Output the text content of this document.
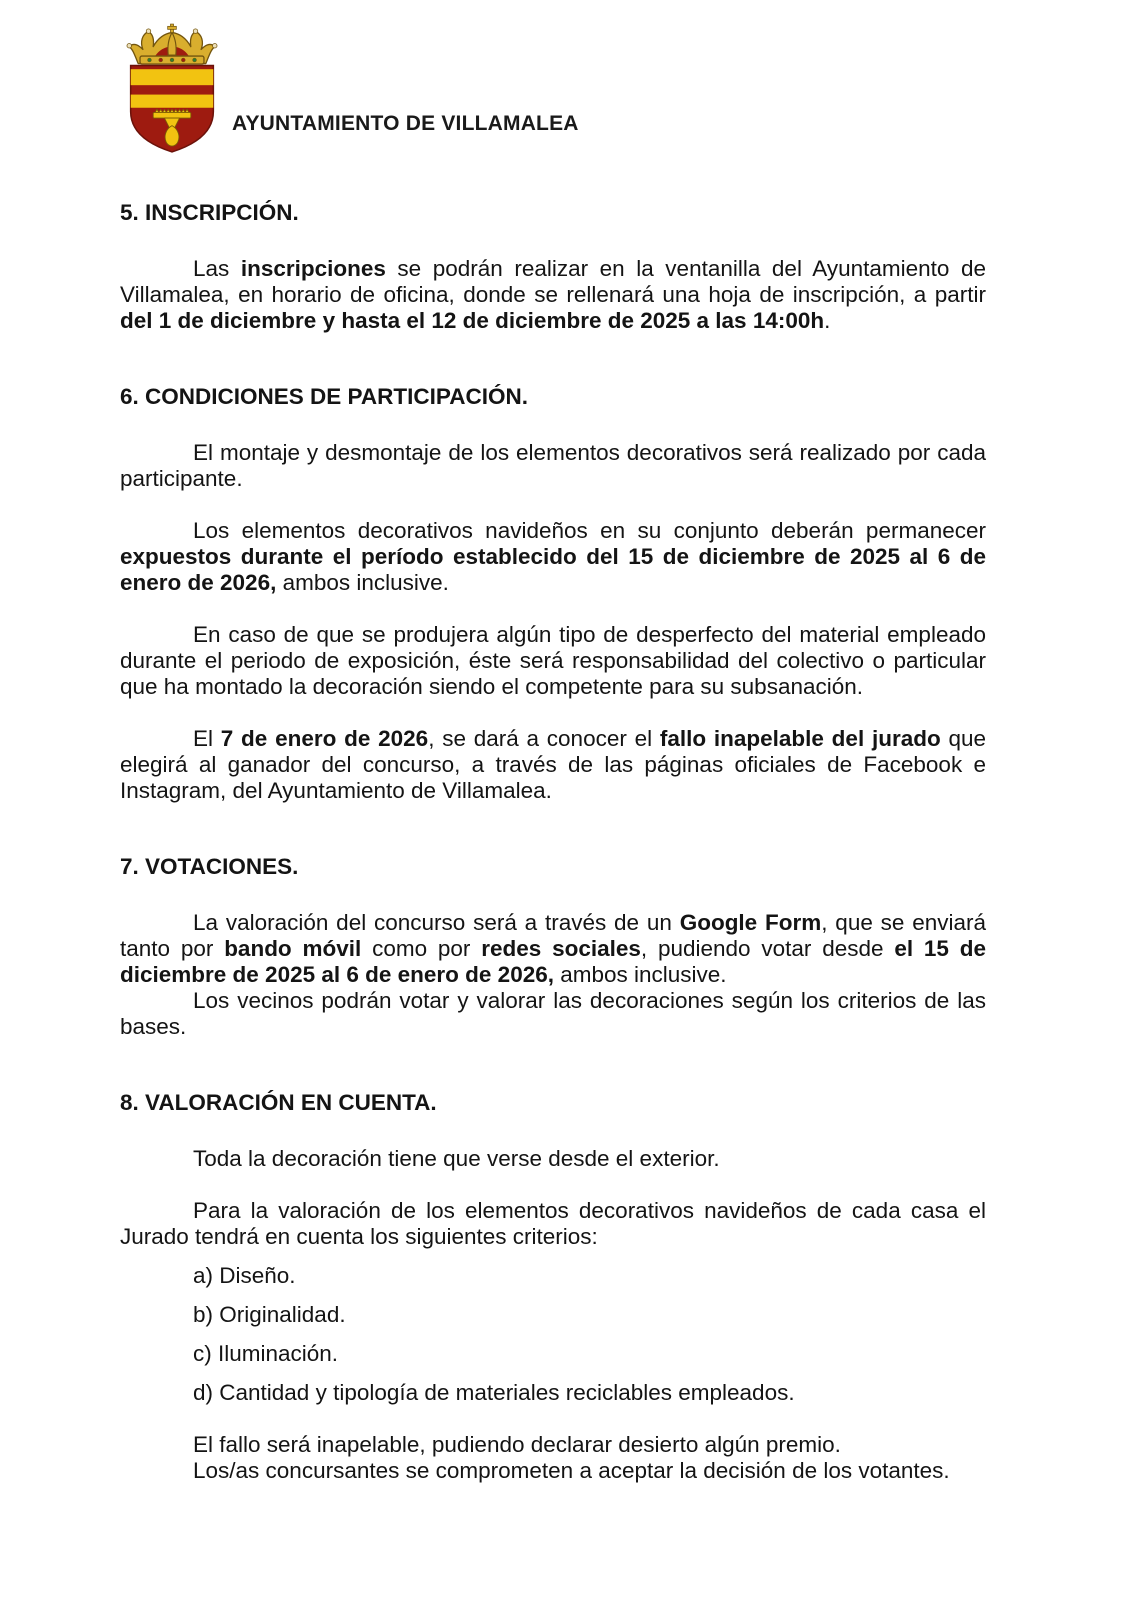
AYUNTAMIENTO DE VILLAMALEA
5. INSCRIPCIÓN.

Las inscripciones se podrán realizar en la ventanilla del Ayuntamiento de Villamalea, en horario de oficina, donde se rellenará una hoja de inscripción, a partir del 1 de diciembre y hasta el 12 de diciembre de 2025 a las 14:00h.

6. CONDICIONES DE PARTICIPACIÓN.

El montaje y desmontaje de los elementos decorativos será realizado por cada participante.

Los elementos decorativos navideños en su conjunto deberán permanecer expuestos durante el período establecido del 15 de diciembre de 2025 al 6 de enero de 2026, ambos inclusive.

En caso de que se produjera algún tipo de desperfecto del material empleado durante el periodo de exposición, éste será responsabilidad del colectivo o particular que ha montado la decoración siendo el competente para su subsanación.

El 7 de enero de 2026, se dará a conocer el fallo inapelable del jurado que elegirá al ganador del concurso, a través de las páginas oficiales de Facebook e Instagram, del Ayuntamiento de Villamalea.

7. VOTACIONES.

La valoración del concurso será a través de un Google Form, que se enviará tanto por bando móvil como por redes sociales, pudiendo votar desde el 15 de diciembre de 2025 al 6 de enero de 2026, ambos inclusive.

Los vecinos podrán votar y valorar las decoraciones según los criterios de las bases.

8. VALORACIÓN EN CUENTA.

Toda la decoración tiene que verse desde el exterior.

Para la valoración de los elementos decorativos navideños de cada casa el Jurado tendrá en cuenta los siguientes criterios:

a) Diseño.

b) Originalidad.

c) Iluminación.

d) Cantidad y tipología de materiales reciclables empleados.

El fallo será inapelable, pudiendo declarar desierto algún premio.

Los/as concursantes se comprometen a aceptar la decisión de los votantes.
